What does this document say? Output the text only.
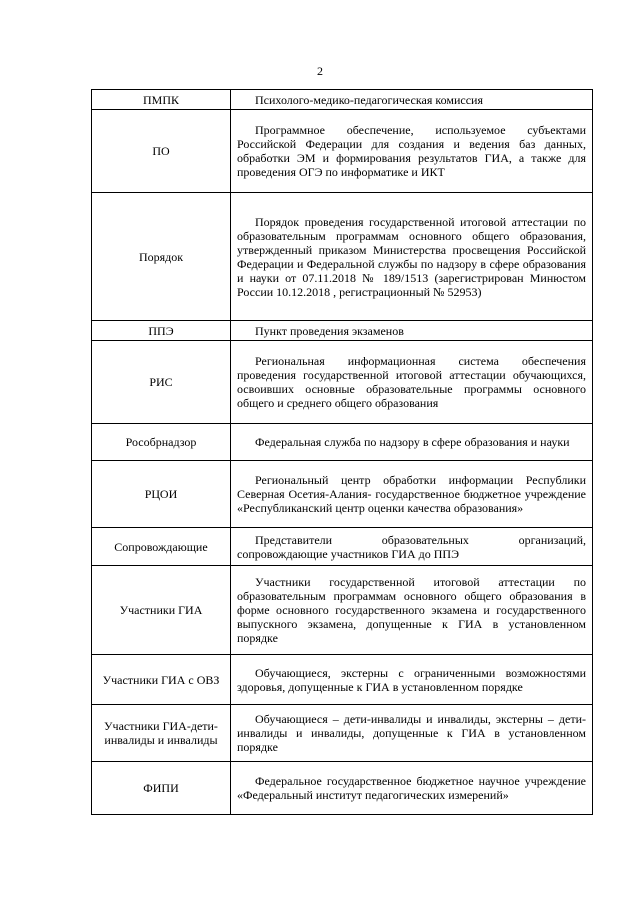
2
ПМПК	Психолого-медико-педагогическая комиссия

ПО	Программное обеспечение, используемое субъектами Российской Федерации для создания и ведения баз данных, обработки ЭМ и формирования результатов ГИА, а также для проведения ОГЭ по информатике и ИКТ

Порядок	Порядок проведения государственной итоговой аттестации по образовательным программам основного общего образования, утвержденный приказом Министерства просвещения Российской Федерации и Федеральной службы по надзору в сфере образования и науки от 07.11.2018 № 189/1513 (зарегистрирован Минюстом России 10.12.2018 , регистрационный № 52953)

ППЭ	Пункт проведения экзаменов

РИС	Региональная информационная система обеспечения проведения государственной итоговой аттестации обучающихся, освоивших основные образовательные программы основного общего и среднего общего образования

Рособрнадзор	Федеральная служба по надзору в сфере образования и науки

РЦОИ	Региональный центр обработки информации Республики Северная Осетия-Алания- государственное бюджетное учреждение «Республиканский центр оценки качества образования»

Сопровождающие	Представители образовательных организаций, сопровождающие участников ГИА до ППЭ

Участники ГИА	Участники государственной итоговой аттестации по образовательным программам основного общего образования в форме основного государственного экзамена и государственного выпускного экзамена, допущенные к ГИА в установленном порядке

Участники ГИА с ОВЗ	Обучающиеся, экстерны с ограниченными возможностями здоровья, допущенные к ГИА в установленном порядке

Участники ГИА-дети-инвалиды и инвалиды	Обучающиеся – дети-инвалиды и инвалиды, экстерны – дети- инвалиды и инвалиды, допущенные к ГИА в установленном порядке

ФИПИ	Федеральное государственное бюджетное научное учреждение «Федеральный институт педагогических измерений»
